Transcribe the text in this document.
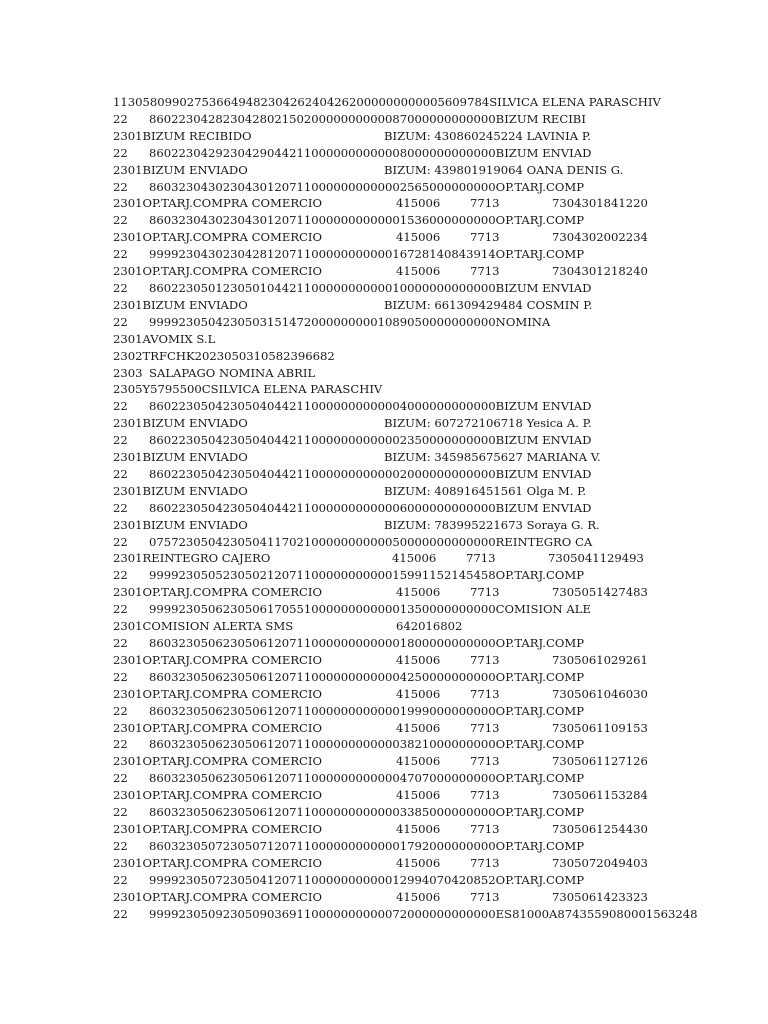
113058099027536649482304262404262000000000005609784SILVICA ELENA PARASCHIV
22 86022304282304280215020000000000087000000000000BIZUM RECIBI
2301BIZUM RECIBIDO	BIZUM: 430860245224 LAVINIA P.
22 86022304292304290442110000000000008000000000000BIZUM ENVIAD
2301BIZUM ENVIADO	BIZUM: 439801919064 OANA DENIS G.
22 86032304302304301207110000000000002565000000000OP.TARJ.COMP
2301OP.TARJ.COMPRA COMERCIO	415006	7713	7304301841220
22 86032304302304301207110000000000001536000000000OP.TARJ.COMP
2301OP.TARJ.COMPRA COMERCIO	415006	7713	7304302002234
22 99992304302304281207110000000000016728140843914OP.TARJ.COMP
2301OP.TARJ.COMPRA COMERCIO	415006	7713	7304301218240
22 86022305012305010442110000000000010000000000000BIZUM ENVIAD
2301BIZUM ENVIADO	BIZUM: 661309429484 COSMIN P.
22 99992305042305031514720000000001089050000000000NOMINA
2301AVOMIX S.L
2302TRFCHK2023050310582396682
2303 SALAPAGO NOMINA ABRIL
2305Y5795500CSILVICA ELENA PARASCHIV
22 86022305042305040442110000000000004000000000000BIZUM ENVIAD
2301BIZUM ENVIADO	BIZUM: 607272106718 Yesica A. P.
22 86022305042305040442110000000000002350000000000BIZUM ENVIAD
2301BIZUM ENVIADO	BIZUM: 345985675627 MARIANA V.
22 86022305042305040442110000000000002000000000000BIZUM ENVIAD
2301BIZUM ENVIADO	BIZUM: 408916451561 Olga M. P.
22 86022305042305040442110000000000006000000000000BIZUM ENVIAD
2301BIZUM ENVIADO	BIZUM: 783995221673 Soraya G. R.
22 07572305042305041170210000000000050000000000000REINTEGRO CA
2301REINTEGRO CAJERO	415006	7713	7305041129493
22 99992305052305021207110000000000015991152145458OP.TARJ.COMP
2301OP.TARJ.COMPRA COMERCIO	415006	7713	7305051427483
22 99992305062305061705510000000000001350000000000COMISION ALE
2301COMISION ALERTA SMS	642016802
22 86032305062305061207110000000000001800000000000OP.TARJ.COMP
2301OP.TARJ.COMPRA COMERCIO	415006	7713	7305061029261
22 86032305062305061207110000000000004250000000000OP.TARJ.COMP
2301OP.TARJ.COMPRA COMERCIO	415006	7713	7305061046030
22 86032305062305061207110000000000001999000000000OP.TARJ.COMP
2301OP.TARJ.COMPRA COMERCIO	415006	7713	7305061109153
22 86032305062305061207110000000000003821000000000OP.TARJ.COMP
2301OP.TARJ.COMPRA COMERCIO	415006	7713	7305061127126
22 86032305062305061207110000000000004707000000000OP.TARJ.COMP
2301OP.TARJ.COMPRA COMERCIO	415006	7713	7305061153284
22 86032305062305061207110000000000003385000000000OP.TARJ.COMP
2301OP.TARJ.COMPRA COMERCIO	415006	7713	7305061254430
22 86032305072305071207110000000000001792000000000OP.TARJ.COMP
2301OP.TARJ.COMPRA COMERCIO	415006	7713	7305072049403
22 99992305072305041207110000000000012994070420852OP.TARJ.COMP
2301OP.TARJ.COMPRA COMERCIO	415006	7713	7305061423323
22 99992305092305090369110000000000072000000000000ES81000A8743559080001563248
